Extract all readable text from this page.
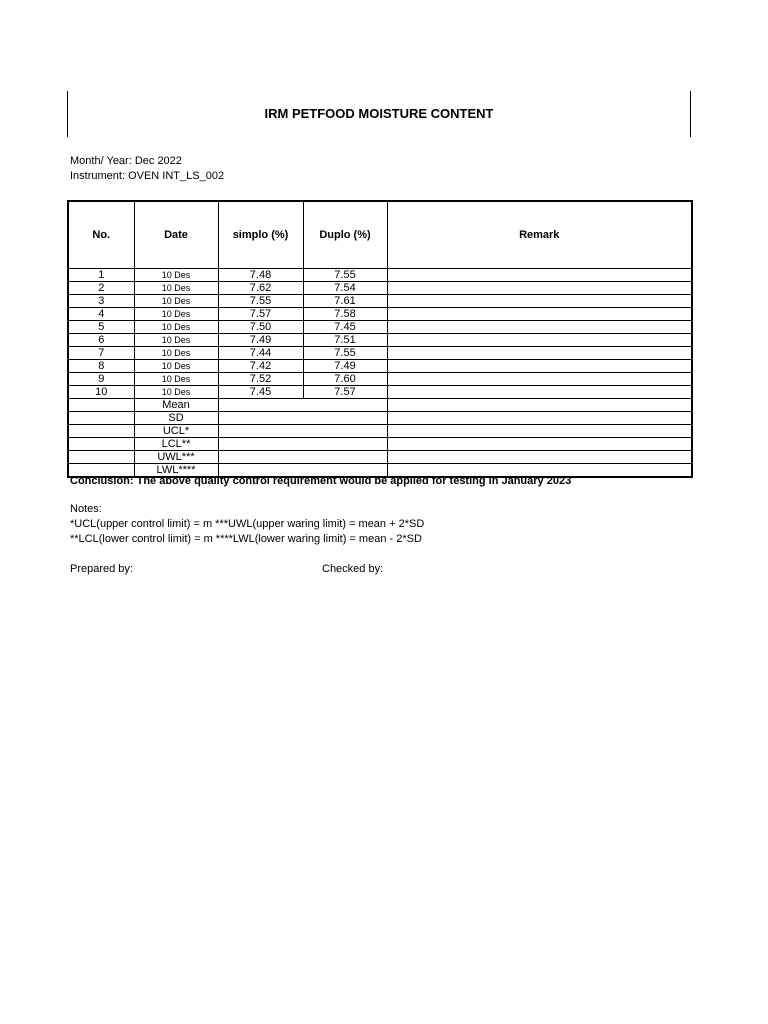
IRM PETFOOD MOISTURE CONTENT
Month/ Year: Dec 2022
Instrument: OVEN INT_LS_002
No.	Date	simplo (%)	Duplo (%)	Remark
1	10 Des	7.48	7.55	
2	10 Des	7.62	7.54	
3	10 Des	7.55	7.61	
4	10 Des	7.57	7.58	
5	10 Des	7.50	7.45	
6	10 Des	7.49	7.51	
7	10 Des	7.44	7.55	
8	10 Des	7.42	7.49	
9	10 Des	7.52	7.60	
10	10 Des	7.45	7.57	
	Mean			
	SD			
	UCL*			
	LCL**			
	UWL***			
	LWL****			
Conclusion: The above quality control requirement would be applied for testing in January 2023
Notes:
*UCL(upper control limit) = m ***UWL(upper waring limit) = mean + 2*SD
**LCL(lower control limit) = m ****LWL(lower waring limit) = mean - 2*SD
Prepared by:	Checked by:
